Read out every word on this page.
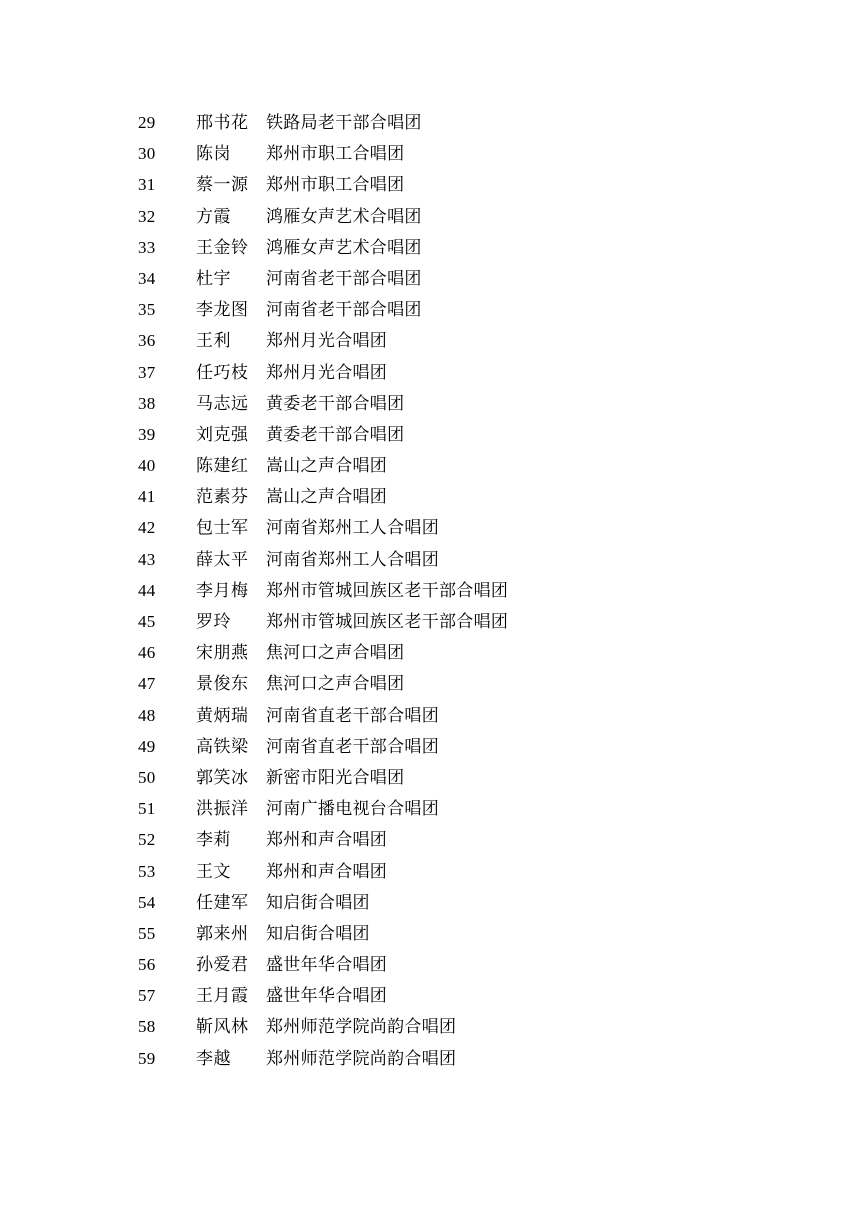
29	邢书花	铁路局老干部合唱团
30	陈岗	郑州市职工合唱团
31	蔡一源	郑州市职工合唱团
32	方霞	鸿雁女声艺术合唱团
33	王金铃	鸿雁女声艺术合唱团
34	杜宇	河南省老干部合唱团
35	李龙图	河南省老干部合唱团
36	王利	郑州月光合唱团
37	任巧枝	郑州月光合唱团
38	马志远	黄委老干部合唱团
39	刘克强	黄委老干部合唱团
40	陈建红	嵩山之声合唱团
41	范素芬	嵩山之声合唱团
42	包士军	河南省郑州工人合唱团
43	薛太平	河南省郑州工人合唱团
44	李月梅	郑州市管城回族区老干部合唱团
45	罗玲	郑州市管城回族区老干部合唱团
46	宋朋燕	焦河口之声合唱团
47	景俊东	焦河口之声合唱团
48	黄炳瑞	河南省直老干部合唱团
49	高铁梁	河南省直老干部合唱团
50	郭笑冰	新密市阳光合唱团
51	洪振洋	河南广播电视台合唱团
52	李莉	郑州和声合唱团
53	王文	郑州和声合唱团
54	任建军	知启街合唱团
55	郭来州	知启街合唱团
56	孙爱君	盛世年华合唱团
57	王月霞	盛世年华合唱团
58	靳风林	郑州师范学院尚韵合唱团
59	李越	郑州师范学院尚韵合唱团
